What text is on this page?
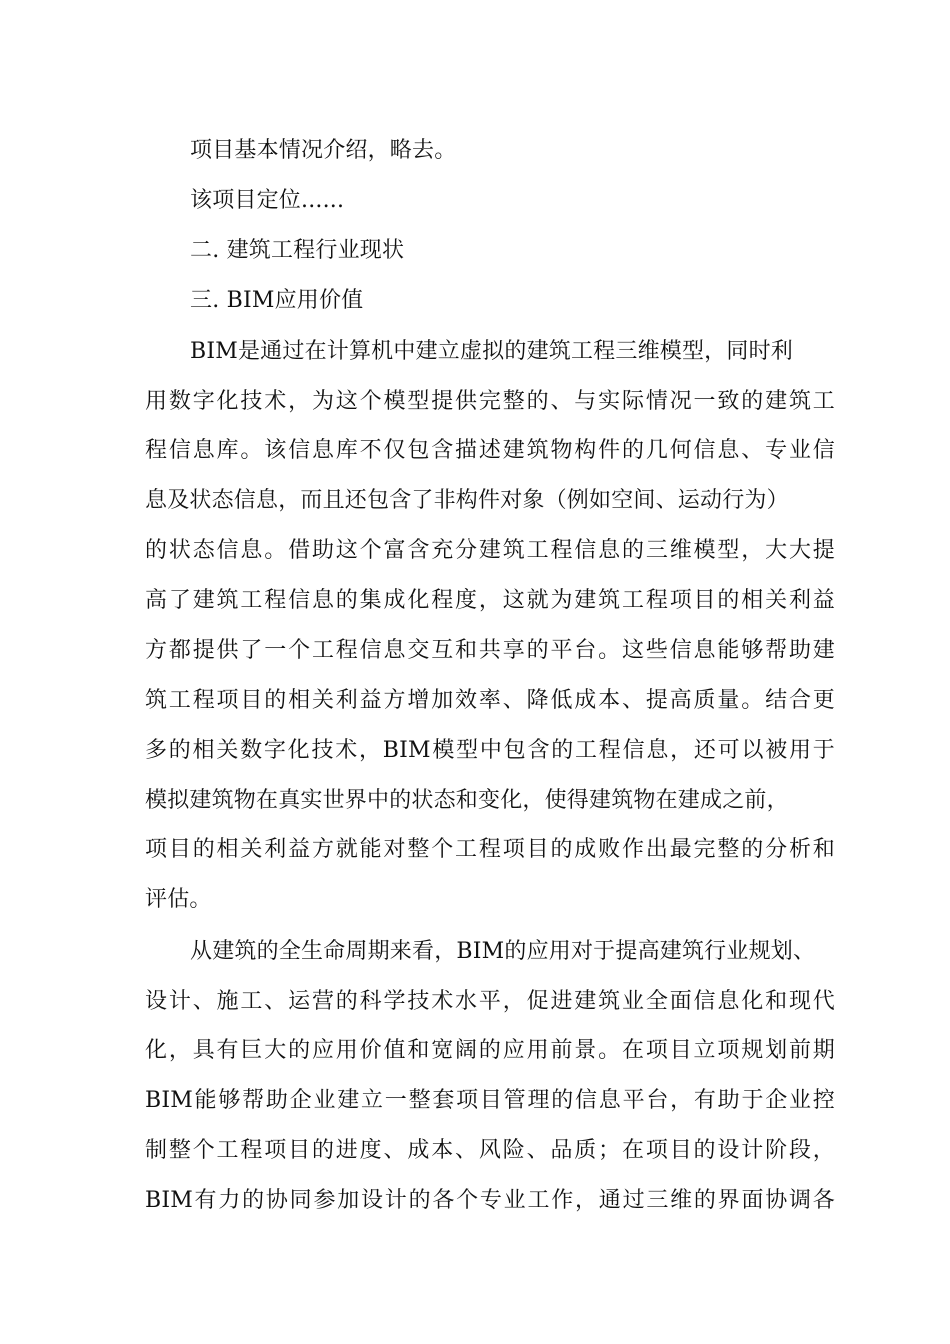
项目基本情况介绍，略去。
该项目定位......
二. 建筑工程行业现状
三. BIM应用价值
BIM是通过在计算机中建立虚拟的建筑工程三维模型，同时利
用数字化技术，为这个模型提供完整的、与实际情况一致的建筑工
程信息库。该信息库不仅包含描述建筑物构件的几何信息、专业信
息及状态信息，而且还包含了非构件对象（例如空间、运动行为）
的状态信息。借助这个富含充分建筑工程信息的三维模型，大大提
高了建筑工程信息的集成化程度，这就为建筑工程项目的相关利益
方都提供了一个工程信息交互和共享的平台。这些信息能够帮助建
筑工程项目的相关利益方增加效率、降低成本、提高质量。结合更
多的相关数字化技术，BIM模型中包含的工程信息，还可以被用于
模拟建筑物在真实世界中的状态和变化，使得建筑物在建成之前，
项目的相关利益方就能对整个工程项目的成败作出最完整的分析和
评估。
从建筑的全生命周期来看，BIM的应用对于提高建筑行业规划、
设计、施工、运营的科学技术水平，促进建筑业全面信息化和现代
化，具有巨大的应用价值和宽阔的应用前景。在项目立项规划前期
BIM能够帮助企业建立一整套项目管理的信息平台，有助于企业控
制整个工程项目的进度、成本、风险、品质；在项目的设计阶段，
BIM有力的协同参加设计的各个专业工作，通过三维的界面协调各
